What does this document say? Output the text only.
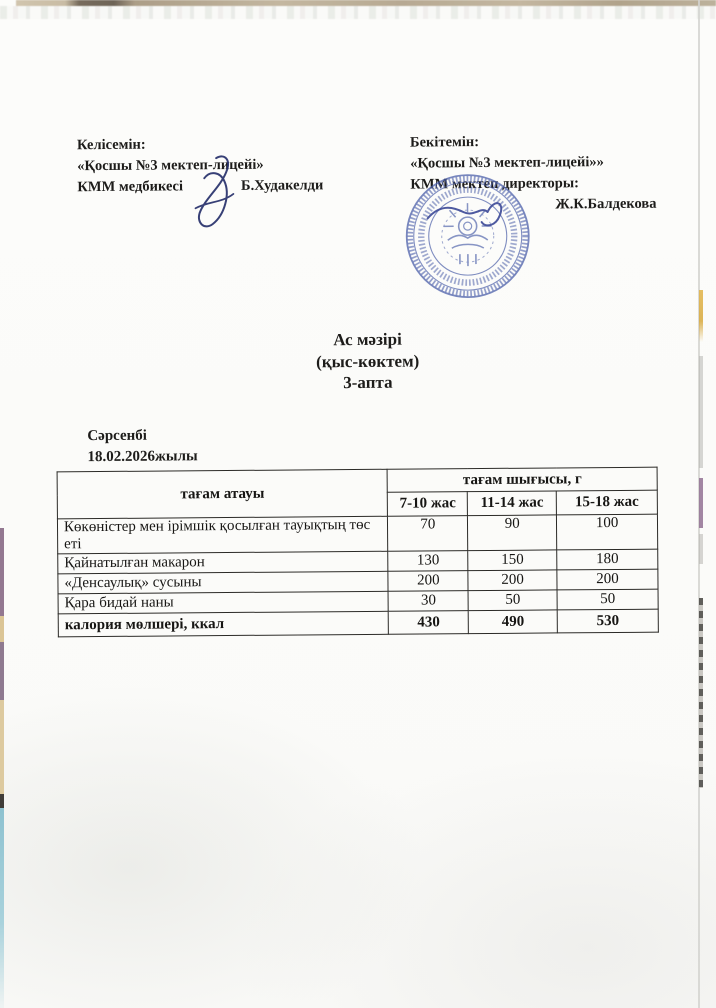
Келісемін:
«Қосшы №3 мектеп-лицейі»
КММ медбикесі	Б.Худакелди
Бекітемін:
«Қосшы №3 мектеп-лицейі»»
КММ мектеп директоры:
Ж.К.Балдекова
Ас мәзірі
(қыс-көктем)
3-апта
Сәрсенбі
18.02.2026жылы
тағам атауы	тағам шығысы, г		
	7-10 жас	11-14 жас	15-18 жас
Көкөністер мен ірімшік қосылған тауықтың төс еті	70	90	100
Қайнатылған макарон	130	150	180
«Денсаулық» сусыны	200	200	200
Қара бидай наны	30	50	50
калория мөлшері, ккал	430	490	530
